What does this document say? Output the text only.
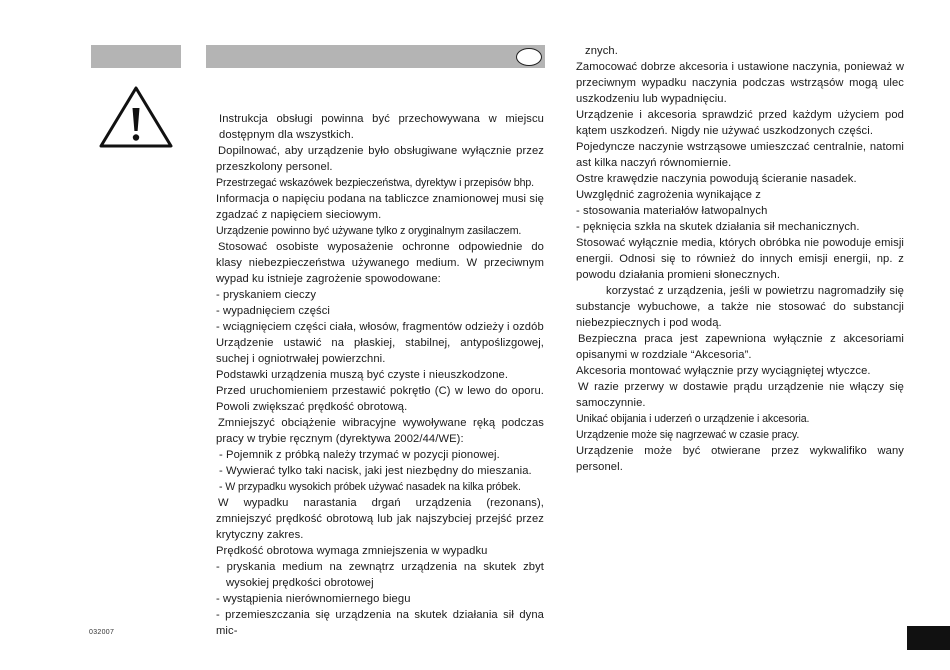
Instrukcja obsługi powinna być przechowywana w miejscu dostępnym dla wszystkich.

Dopilnować, aby urządzenie było obsługiwane wyłącznie przez przeszkolony personel.

Przestrzegać wskazówek bezpieczeństwa, dyrektyw i przepisów bhp.

Informacja o napięciu podana na tabliczce znamionowej musi się zgadzać z napięciem sieciowym.

Urządzenie powinno być używane tylko z oryginalnym zasilaczem.

Stosować osobiste wyposażenie ochronne odpowiednie do klasy niebezpieczeństwa używanego medium. W przeciwnym wypad ku istnieje zagrożenie spowodowane:

- pryskaniem cieczy

- wypadnięciem części

- wciągnięciem części ciała, włosów, fragmentów odzieży i ozdób

Urządzenie ustawić na płaskiej, stabilnej, antypoślizgowej, suchej i ogniotrwałej powierzchni.

Podstawki urządzenia muszą być czyste i nieuszkodzone.

Przed uruchomieniem przestawić pokrętło (C) w lewo do oporu. Powoli zwiększać prędkość obrotową.

Zmniejszyć obciążenie wibracyjne wywoływane ręką podczas pracy w trybie ręcznym (dyrektywa 2002/44/WE):

- Pojemnik z próbką należy trzymać w pozycji pionowej.

- Wywierać tylko taki nacisk, jaki jest niezbędny do mieszania.

- W przypadku wysokich próbek używać nasadek na kilka próbek.

W wypadku narastania drgań urządzenia (rezonans), zmniejszyć prędkość obrotową lub jak najszybciej przejść przez krytyczny zakres.

Prędkość obrotowa wymaga zmniejszenia w wypadku

- pryskania medium na zewnątrz urządzenia na skutek zbyt wysokiej prędkości obrotowej

- wystąpienia nierównomiernego biegu

- przemieszczania się urządzenia na skutek działania sił dyna mic-

znych.

Zamocować dobrze akcesoria i ustawione naczynia, ponieważ w przeciwnym wypadku naczynia podczas wstrząsów mogą ulec uszkodzeniu lub wypadnięciu.

Urządzenie i akcesoria sprawdzić przed każdym użyciem pod kątem uszkodzeń. Nigdy nie używać uszkodzonych części.

Pojedyncze naczynie wstrząsowe umieszczać centralnie, natomi ast kilka naczyń równomiernie.

Ostre krawędzie naczynia powodują ścieranie nasadek.

Uwzględnić zagrożenia wynikające z

- stosowania materiałów łatwopalnych

- pęknięcia szkła na skutek działania sił mechanicznych.

Stosować wyłącznie media, których obróbka nie powoduje emisji energii. Odnosi się to również do innych emisji energii, np. z powodu działania promieni słonecznych.

korzystać z urządzenia, jeśli w powietrzu nagromadziły się substancje wybuchowe, a także nie stosować do substancji niebezpiecznych i pod wodą.

Bezpieczna praca jest zapewniona wyłącznie z akcesoriami opisanymi w rozdziale “Akcesoria”.

Akcesoria montować wyłącznie przy wyciągniętej wtyczce.

W razie przerwy w dostawie prądu urządzenie nie włączy się samoczynnie.

Unikać obijania i uderzeń o urządzenie i akcesoria.

Urządzenie może się nagrzewać w czasie pracy.

Urządzenie może być otwierane przez wykwalifiko wany personel.

032007
